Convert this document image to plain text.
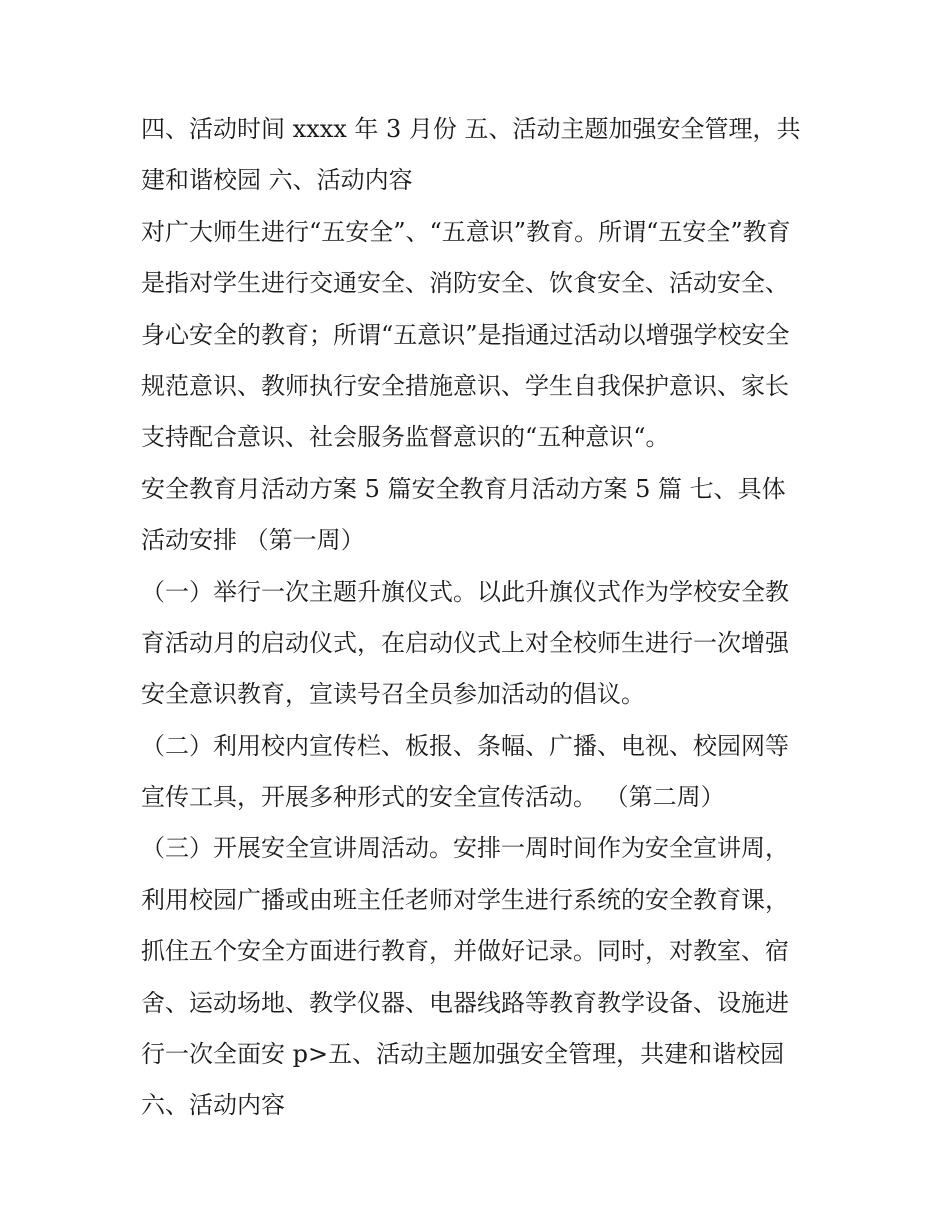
四、活动时间 xxxx 年 3 月份 五、活动主题加强安全管理，共
建和谐校园 六、活动内容
对广大师生进行“五安全”、“五意识”教育。所谓“五安全”教育
是指对学生进行交通安全、消防安全、饮食安全、活动安全、
身心安全的教育；所谓“五意识”是指通过活动以增强学校安全
规范意识、教师执行安全措施意识、学生自我保护意识、家长
支持配合意识、社会服务监督意识的“五种意识“。
安全教育月活动方案 5 篇安全教育月活动方案 5 篇 七、具体
活动安排 （第一周）
（一）举行一次主题升旗仪式。以此升旗仪式作为学校安全教
育活动月的启动仪式，在启动仪式上对全校师生进行一次增强
安全意识教育，宣读号召全员参加活动的倡议。
（二）利用校内宣传栏、板报、条幅、广播、电视、校园网等
宣传工具，开展多种形式的安全宣传活动。 （第二周）
（三）开展安全宣讲周活动。安排一周时间作为安全宣讲周，
利用校园广播或由班主任老师对学生进行系统的安全教育课，
抓住五个安全方面进行教育，并做好记录。同时，对教室、宿
舍、运动场地、教学仪器、电器线路等教育教学设备、设施进
行一次全面安 p>五、活动主题加强安全管理，共建和谐校园
六、活动内容
